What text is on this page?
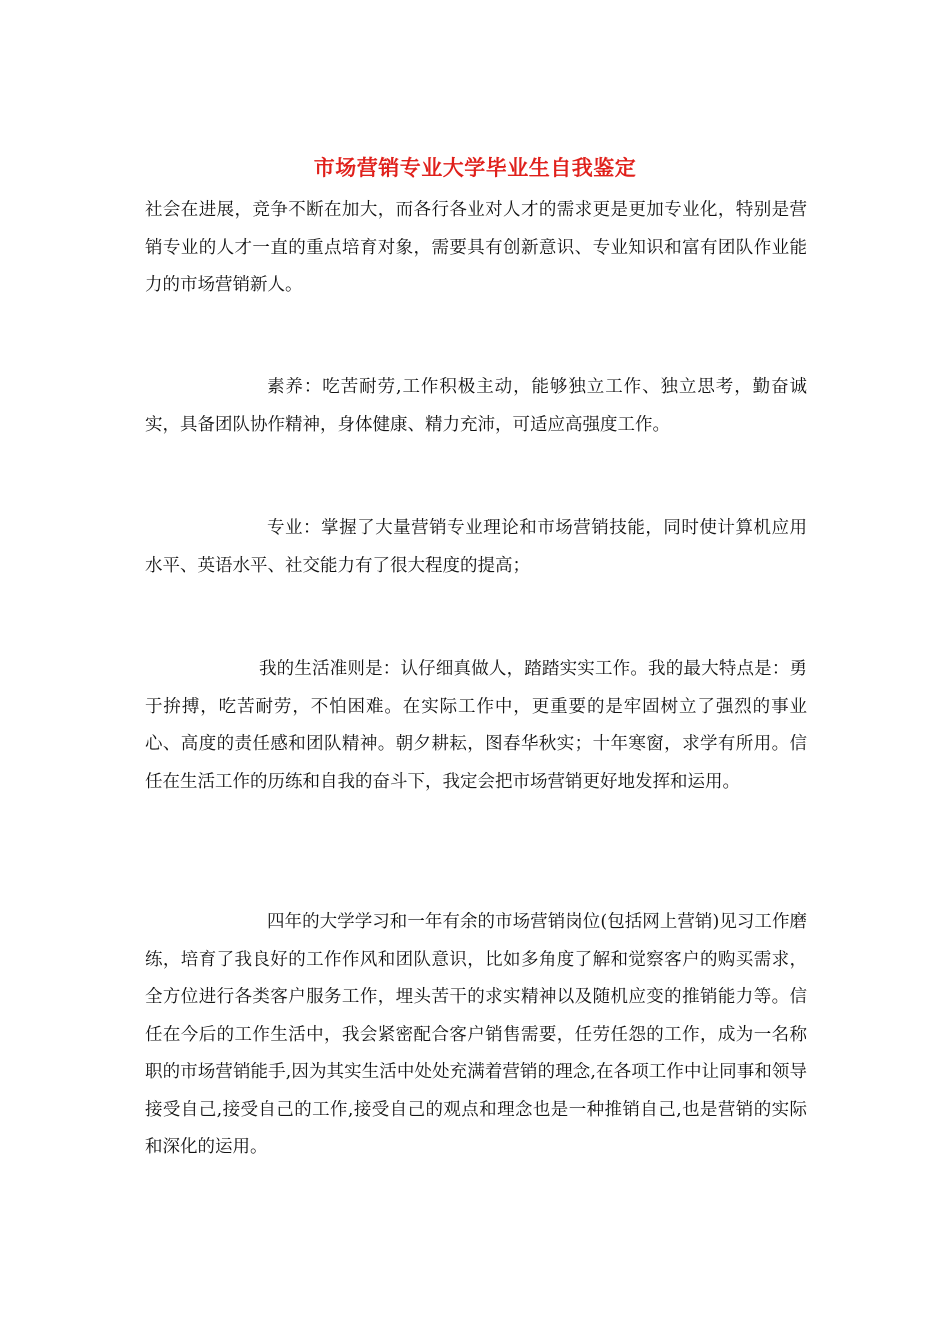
市场营销专业大学毕业生自我鉴定

社会在进展，竞争不断在加大，而各行各业对人才的需求更是更加专业化，特别是营销专业的人才一直的重点培育对象，需要具有创新意识、专业知识和富有团队作业能力的市场营销新人。

素养：吃苦耐劳,工作积极主动，能够独立工作、独立思考，勤奋诚实，具备团队协作精神，身体健康、精力充沛，可适应高强度工作。

专业：掌握了大量营销专业理论和市场营销技能，同时使计算机应用水平、英语水平、社交能力有了很大程度的提高；

我的生活准则是：认仔细真做人，踏踏实实工作。我的最大特点是：勇于拚搏，吃苦耐劳，不怕困难。在实际工作中，更重要的是牢固树立了强烈的事业心、高度的责任感和团队精神。朝夕耕耘，图春华秋实；十年寒窗，求学有所用。信任在生活工作的历练和自我的奋斗下，我定会把市场营销更好地发挥和运用。

四年的大学学习和一年有余的市场营销岗位(包括网上营销)见习工作磨练，培育了我良好的工作作风和团队意识，比如多角度了解和觉察客户的购买需求，全方位进行各类客户服务工作，埋头苦干的求实精神以及随机应变的推销能力等。信任在今后的工作生活中，我会紧密配合客户销售需要，任劳任怨的工作，成为一名称职的市场营销能手,因为其实生活中处处充满着营销的理念,在各项工作中让同事和领导接受自己,接受自己的工作,接受自己的观点和理念也是一种推销自己,也是营销的实际和深化的运用。
